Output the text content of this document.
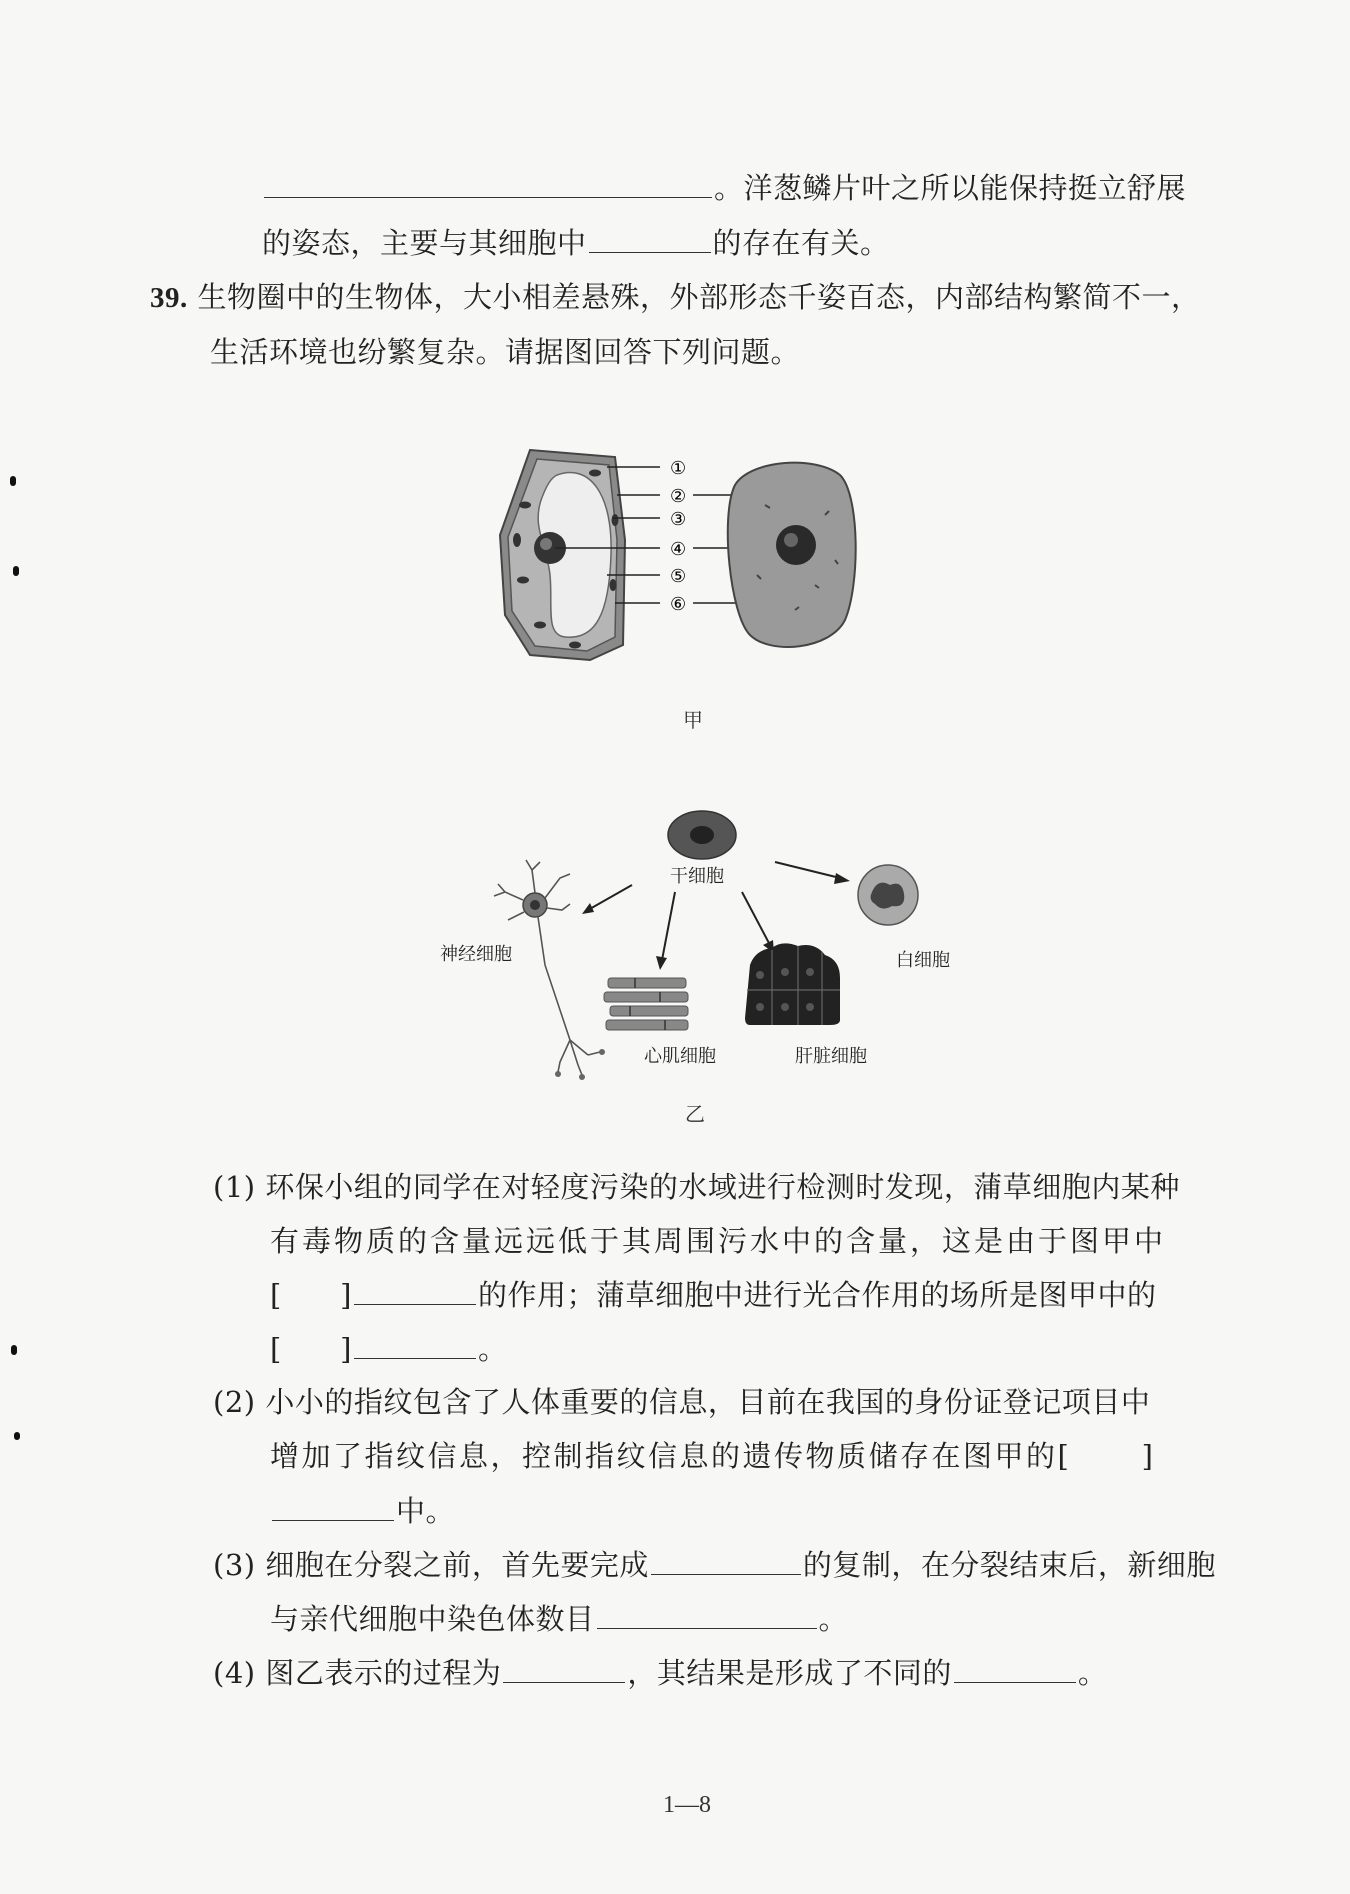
。洋葱鳞片叶之所以能保持挺立舒展
的姿态，主要与其细胞中	的存在有关。
39. 生物圈中的生物体，大小相差悬殊，外部形态千姿百态，内部结构繁简不一，
生活环境也纷繁复杂。请据图回答下列问题。
①
②
③
④
⑤
⑥
甲
干细胞
神经细胞
心肌细胞	肝脏细胞
白细胞
乙
(1) 环保小组的同学在对轻度污染的水域进行检测时发现，蒲草细胞内某种
有毒物质的含量远远低于其周围污水中的含量，这是由于图甲中
[      ]	的作用；蒲草细胞中进行光合作用的场所是图甲中的
[      ]	。
(2) 小小的指纹包含了人体重要的信息，目前在我国的身份证登记项目中
增加了指纹信息，控制指纹信息的遗传物质储存在图甲的[      ]
中。
(3) 细胞在分裂之前，首先要完成	的复制，在分裂结束后，新细胞
与亲代细胞中染色体数目	。
(4) 图乙表示的过程为	，其结果是形成了不同的	。
1—8
